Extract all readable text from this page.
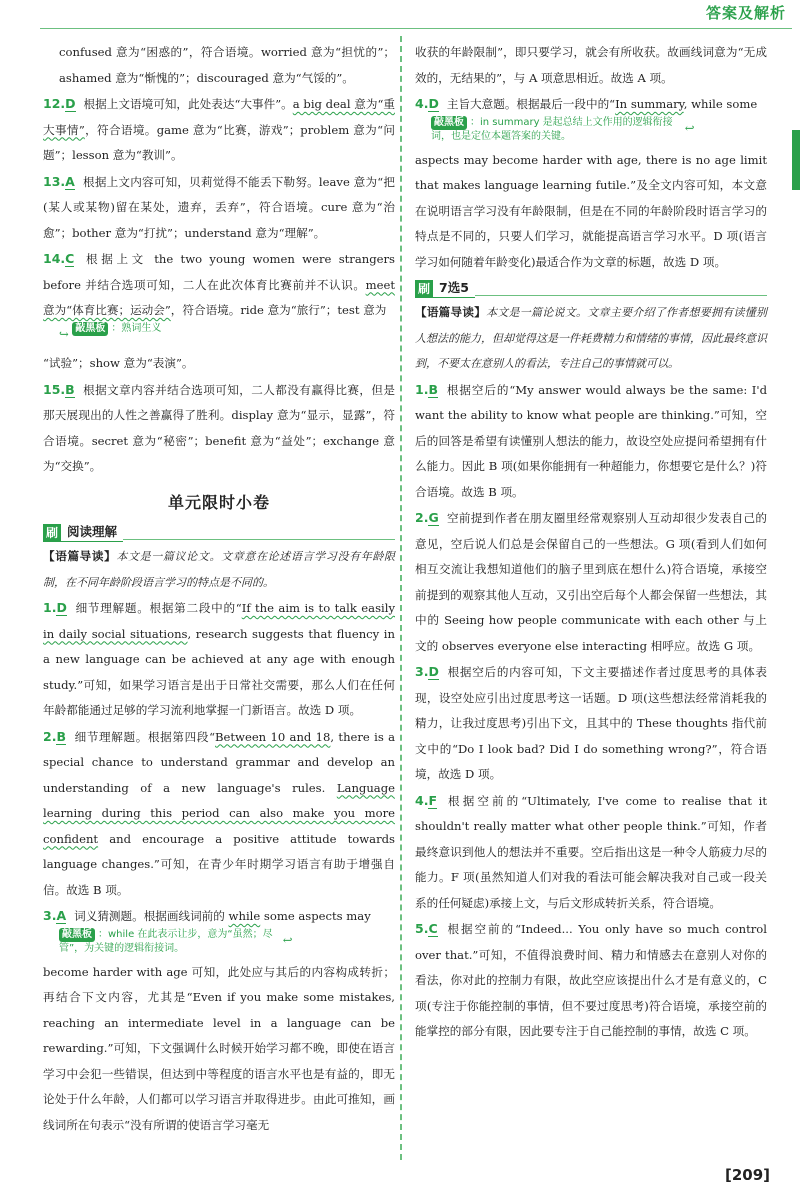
答案及解析

confused 意为“困惑的”，符合语境。worried 意为“担忧的”；ashamed 意为“惭愧的”；discouraged 意为“气馁的”。

12.D 根据上文语境可知，此处表达“大事件”。a big deal 意为“重大事情”，符合语境。game 意为“比赛，游戏”；problem 意为“问题”；lesson 意为“教训”。

13.A 根据上文内容可知，贝莉觉得不能丢下勒努。leave 意为“把(某人或某物)留在某处，遗弃，丢弃”，符合语境。cure 意为“治愈”；bother 意为“打扰”；understand 意为“理解”。

14.C 根据上文 the two young women were strangers before 并结合选项可知，二人在此次体育比赛前并不认识。meet 意为“体育比赛；运动会”，符合语境。ride 意为“旅行”；test 意为

↪ 敲黑板 ：熟词生义

“试验”；show 意为“表演”。

15.B 根据文章内容并结合选项可知，二人都没有赢得比赛，但是那天展现出的人性之善赢得了胜利。display 意为“显示，显露”，符合语境。secret 意为“秘密”；benefit 意为“益处”；exchange 意为“交换”。

单元限时小卷
刷 阅读理解

【语篇导读】本文是一篇议论文。文章意在论述语言学习没有年龄限制，在不同年龄阶段语言学习的特点是不同的。

1.D 细节理解题。根据第二段中的“If the aim is to talk easily in daily social situations, research suggests that fluency in a new language can be achieved at any age with enough study.”可知，如果学习语言是出于日常社交需要，那么人们在任何年龄都能通过足够的学习流利地掌握一门新语言。故选 D 项。

2.B 细节理解题。根据第四段“Between 10 and 18, there is a special chance to understand grammar and develop an understanding of a new language's rules. Language learning during this period can also make you more confident and encourage a positive attitude towards language changes.”可知，在青少年时期学习语言有助于增强自信。故选 B 项。

3.A 词义猜测题。根据画线词前的 while some aspects may

敲黑板 ：while 在此表示让步，意为“虽然；尽管”，为关键的逻辑衔接词。 ↩

become harder with age 可知，此处应与其后的内容构成转折；再结合下文内容，尤其是“Even if you make some mistakes, reaching an intermediate level in a language can be rewarding.”可知，下文强调什么时候开始学习都不晚，即使在语言学习中会犯一些错误，但达到中等程度的语言水平也是有益的，即无论处于什么年龄，人们都可以学习语言并取得进步。由此可推知，画线词所在句表示“没有所谓的使语言学习毫无

收获的年龄限制”，即只要学习，就会有所收获。故画线词意为“无成效的，无结果的”，与 A 项意思相近。故选 A 项。

4.D 主旨大意题。根据最后一段中的“In summary, while some

敲黑板 ：in summary 是起总结上文作用的逻辑衔接词，也是定位本题答案的关键。 ↩

aspects may become harder with age, there is no age limit that makes language learning futile.”及全文内容可知，本文意在说明语言学习没有年龄限制，但是在不同的年龄阶段时语言学习的特点是不同的，只要人们学习，就能提高语言学习水平。D 项(语言学习如何随着年龄变化)最适合作为文章的标题，故选 D 项。

刷 7选5

【语篇导读】本文是一篇论说文。文章主要介绍了作者想要拥有读懂别人想法的能力，但却觉得这是一件耗费精力和情绪的事情，因此最终意识到，不要太在意别人的看法，专注自己的事情就可以。

1.B 根据空后的“My answer would always be the same: I'd want the ability to know what people are thinking.”可知，空后的回答是希望有读懂别人想法的能力，故设空处应提问希望拥有什么能力。因此 B 项(如果你能拥有一种超能力，你想要它是什么？)符合语境。故选 B 项。

2.G 空前提到作者在朋友圈里经常观察别人互动却很少发表自己的意见，空后说人们总是会保留自己的一些想法。G 项(看到人们如何相互交流让我想知道他们的脑子里到底在想什么)符合语境，承接空前提到的观察其他人互动，又引出空后每个人都会保留一些想法，其中的 Seeing how people communicate with each other 与上文的 observes everyone else interacting 相呼应。故选 G 项。

3.D 根据空后的内容可知，下文主要描述作者过度思考的具体表现，设空处应引出过度思考这一话题。D 项(这些想法经常消耗我的精力，让我过度思考)引出下文，且其中的 These thoughts 指代前文中的“Do I look bad? Did I do something wrong?”，符合语境，故选 D 项。

4.F 根据空前的“Ultimately, I've come to realise that it shouldn't really matter what other people think.”可知，作者最终意识到他人的想法并不重要。空后指出这是一种令人筋疲力尽的能力。F 项(虽然知道人们对我的看法可能会解决我对自己或一段关系的任何疑虑)承接上文，与后文形成转折关系，符合语境。

5.C 根据空前的“Indeed... You only have so much control over that.”可知，不值得浪费时间、精力和情感去在意别人对你的看法，你对此的控制力有限，故此空应该提出什么才是有意义的，C 项(专注于你能控制的事情，但不要过度思考)符合语境，承接空前的能掌控的部分有限，因此要专注于自己能控制的事情，故选 C 项。

[209]
